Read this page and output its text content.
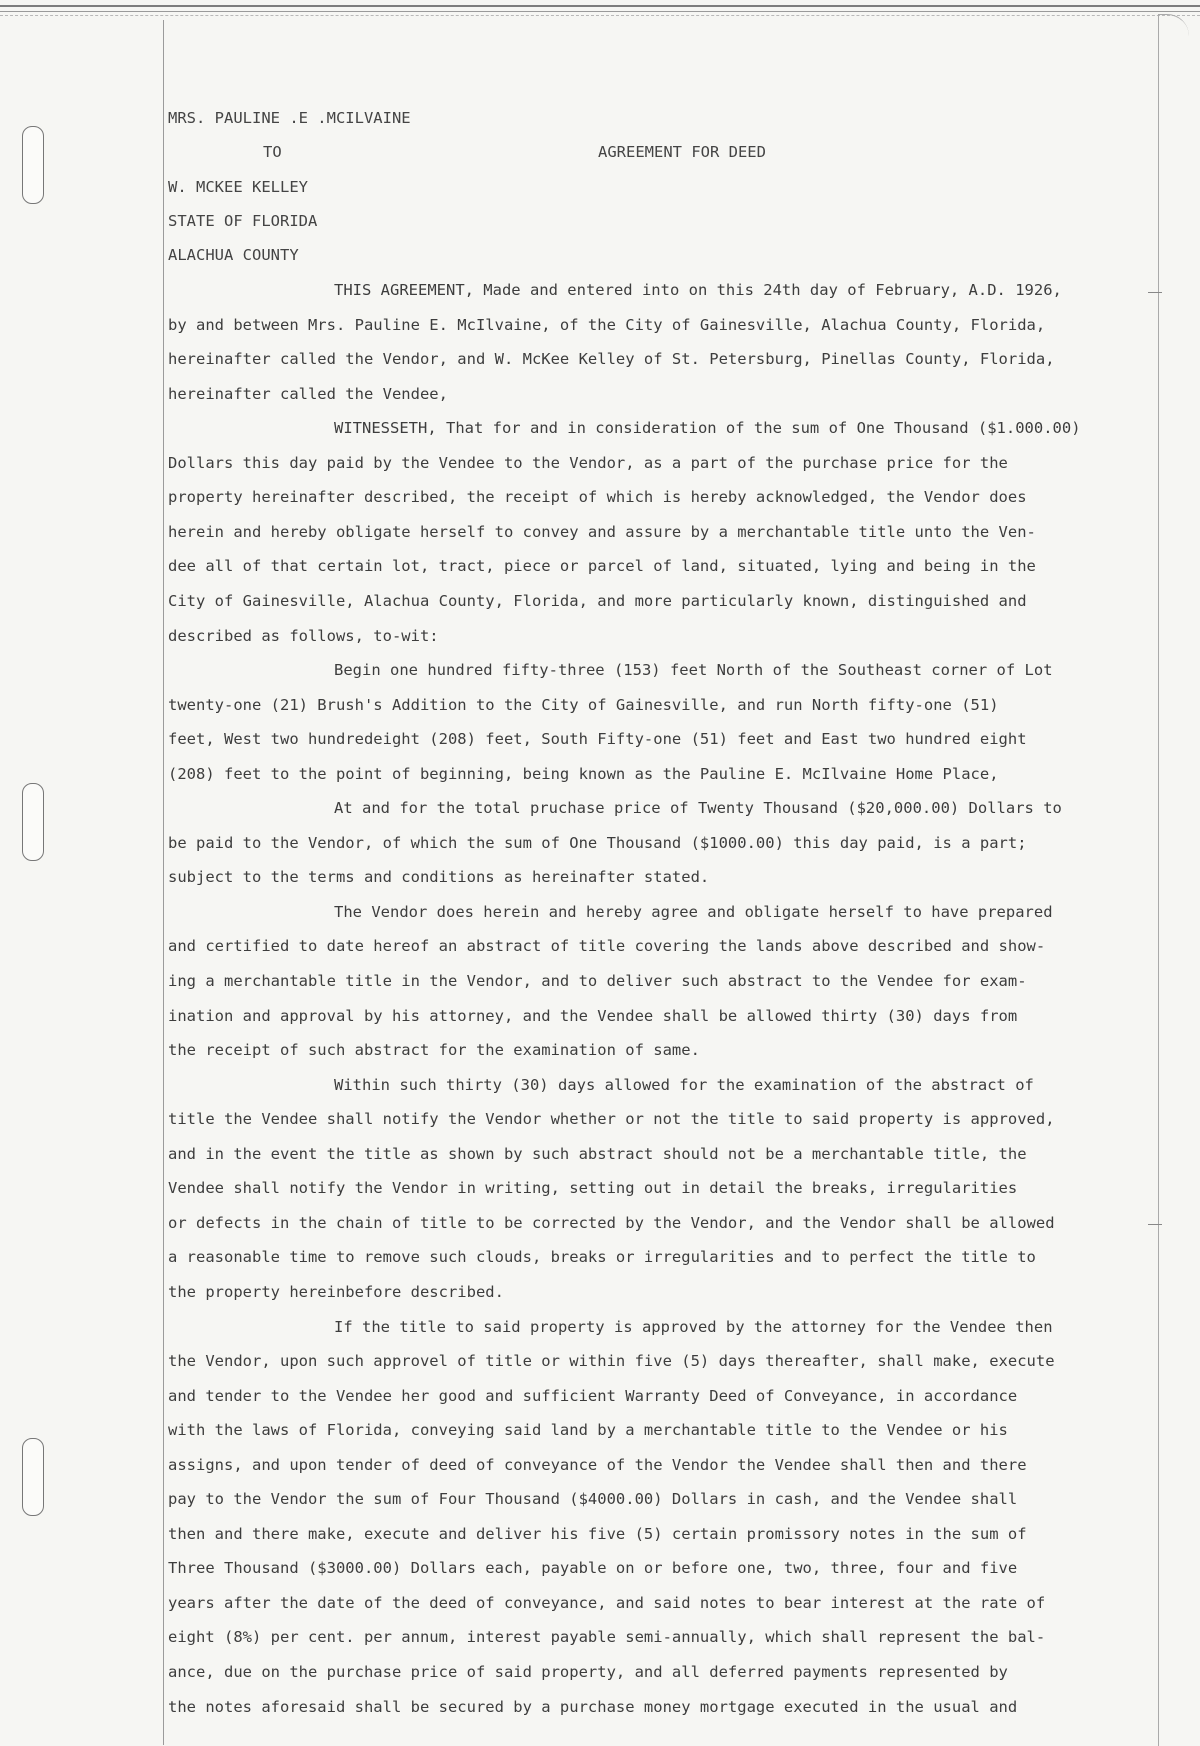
MRS. PAULINE .E .MCILVAINE
TO	AGREEMENT FOR DEED
W. MCKEE KELLEY
STATE OF FLORIDA
ALACHUA COUNTY
THIS AGREEMENT, Made and entered into on this 24th day of February, A.D. 1926,
by and between Mrs. Pauline E. McIlvaine, of the City of Gainesville, Alachua County, Florida,
hereinafter called the Vendor, and W. McKee Kelley of St. Petersburg, Pinellas County, Florida,
hereinafter called the Vendee,
WITNESSETH, That for and in consideration of the sum of One Thousand ($1.000.00)
Dollars this day paid by the Vendee to the Vendor, as a part of the purchase price for the
property hereinafter described, the receipt of which is hereby acknowledged, the Vendor does
herein and hereby obligate herself to convey and assure by a merchantable title unto the Ven-
dee all of that certain lot, tract, piece or parcel of land, situated, lying and being in the
City of Gainesville, Alachua County, Florida, and more particularly known, distinguished and
described as follows, to-wit:
Begin one hundred fifty-three (153) feet North of the Southeast corner of Lot
twenty-one (21) Brush's Addition to the City of Gainesville, and run North fifty-one (51)
feet, West two hundredeight (208) feet, South Fifty-one (51) feet and East two hundred eight
(208) feet to the point of beginning, being known as the Pauline E. McIlvaine Home Place,
At and for the total pruchase price of Twenty Thousand ($20,000.00) Dollars to
be paid to the Vendor, of which the sum of One Thousand ($1000.00) this day paid, is a part;
subject to the terms and conditions as hereinafter stated.
The Vendor does herein and hereby agree and obligate herself to have prepared
and certified to date hereof an abstract of title covering the lands above described and show-
ing a merchantable title in the Vendor, and to deliver such abstract to the Vendee for exam-
ination and approval by his attorney, and the Vendee shall be allowed thirty (30) days from
the receipt of such abstract for the examination of same.
Within such thirty (30) days allowed for the examination of the abstract of
title the Vendee shall notify the Vendor whether or not the title to said property is approved,
and in the event the title as shown by such abstract should not be a merchantable title, the
Vendee shall notify the Vendor in writing, setting out in detail the breaks, irregularities
or defects in the chain of title to be corrected by the Vendor, and the Vendor shall be allowed
a reasonable time to remove such clouds, breaks or irregularities and to perfect the title to
the property hereinbefore described.
If the title to said property is approved by the attorney for the Vendee then
the Vendor, upon such approvel of title or within five (5) days thereafter, shall make, execute
and tender to the Vendee her good and sufficient Warranty Deed of Conveyance, in accordance
with the laws of Florida, conveying said land by a merchantable title to the Vendee or his
assigns, and upon tender of deed of conveyance of the Vendor the Vendee shall then and there
pay to the Vendor the sum of Four Thousand ($4000.00) Dollars in cash, and the Vendee shall
then and there make, execute and deliver his five (5) certain promissory notes in the sum of
Three Thousand ($3000.00) Dollars each, payable on or before one, two, three, four and five
years after the date of the deed of conveyance, and said notes to bear interest at the rate of
eight (8%) per cent. per annum, interest payable semi-annually, which shall represent the bal-
ance, due on the purchase price of said property, and all deferred payments represented by
the notes aforesaid shall be secured by a purchase money mortgage executed in the usual and
